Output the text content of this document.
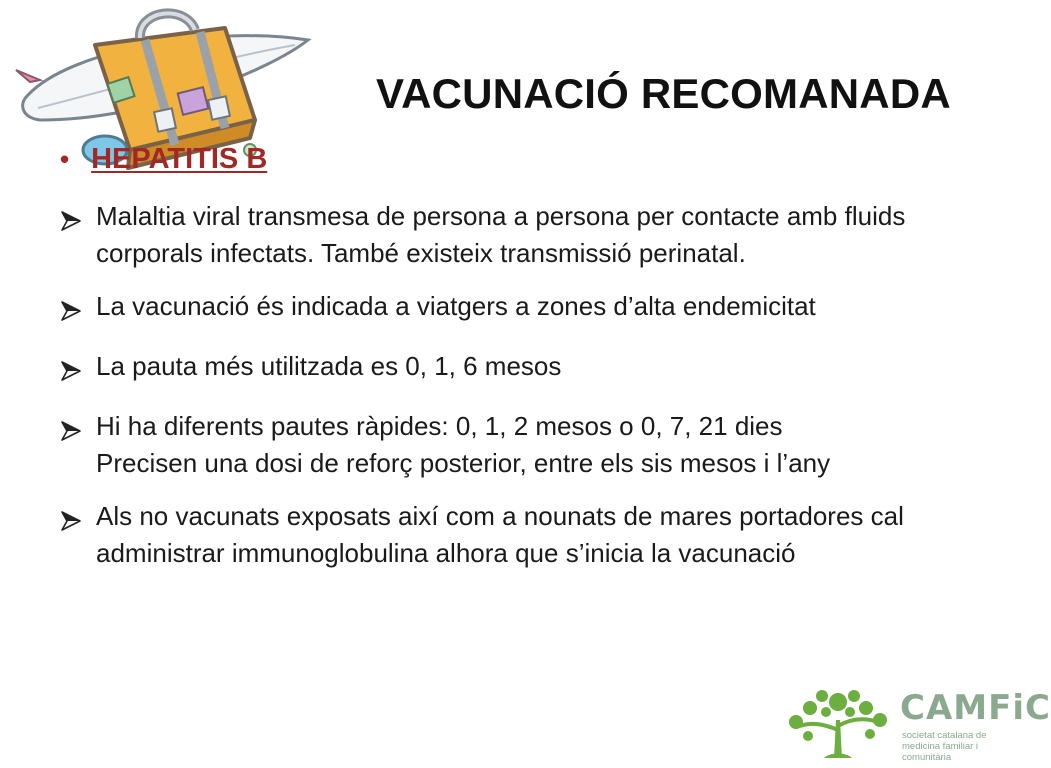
VACUNACIÓ RECOMANADA
• HEPATITIS B
Malaltia viral transmesa de persona a persona per contacte amb fluids corporals infectats. També existeix transmissió perinatal.
La vacunació és indicada a viatgers a zones d’alta endemicitat
La pauta més utilitzada es 0, 1, 6 mesos
Hi ha diferents pautes ràpides: 0, 1, 2 mesos o 0, 7, 21 dies
Precisen una dosi de reforç posterior, entre els sis mesos i l’any
Als no vacunats exposats així com a nounats de mares portadores cal administrar immunoglobulina alhora que s’inicia la vacunació
CAMFiC
societat catalana de medicina familiar i comunitària
